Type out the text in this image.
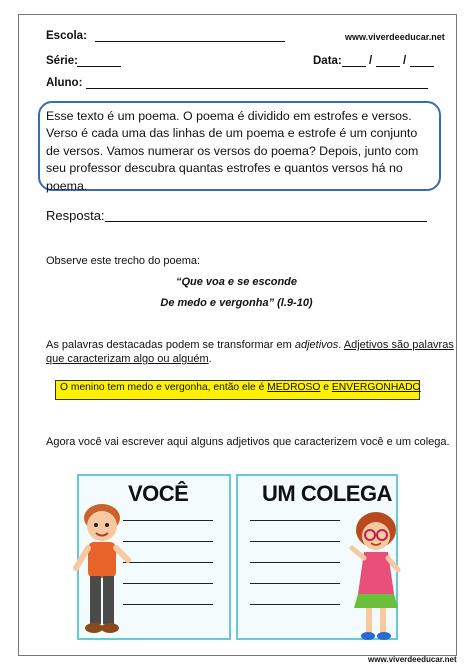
Escola:	www.viverdeeducar.net
Série:	Data: /	/
Aluno:
Esse texto é um poema. O poema é dividido em estrofes e versos. Verso é cada uma das linhas de um poema e estrofe é um conjunto de versos. Vamos numerar os versos do poema? Depois, junto com seu professor descubra quantas estrofes e quantos versos há no poema.
Resposta:
Observe este trecho do poema:
“Que voa e se esconde
De medo e vergonha” (l.9-10)
As palavras destacadas podem se transformar em adjetivos. Adjetivos são palavras
que caracterizam algo ou alguém.
O menino tem medo e vergonha, então ele é MEDROSO e ENVERGONHADO
Agora você vai escrever aqui alguns adjetivos que caracterizem você e um colega.
VOCÊ	UM COLEGA
www.viverdeeducar.net
